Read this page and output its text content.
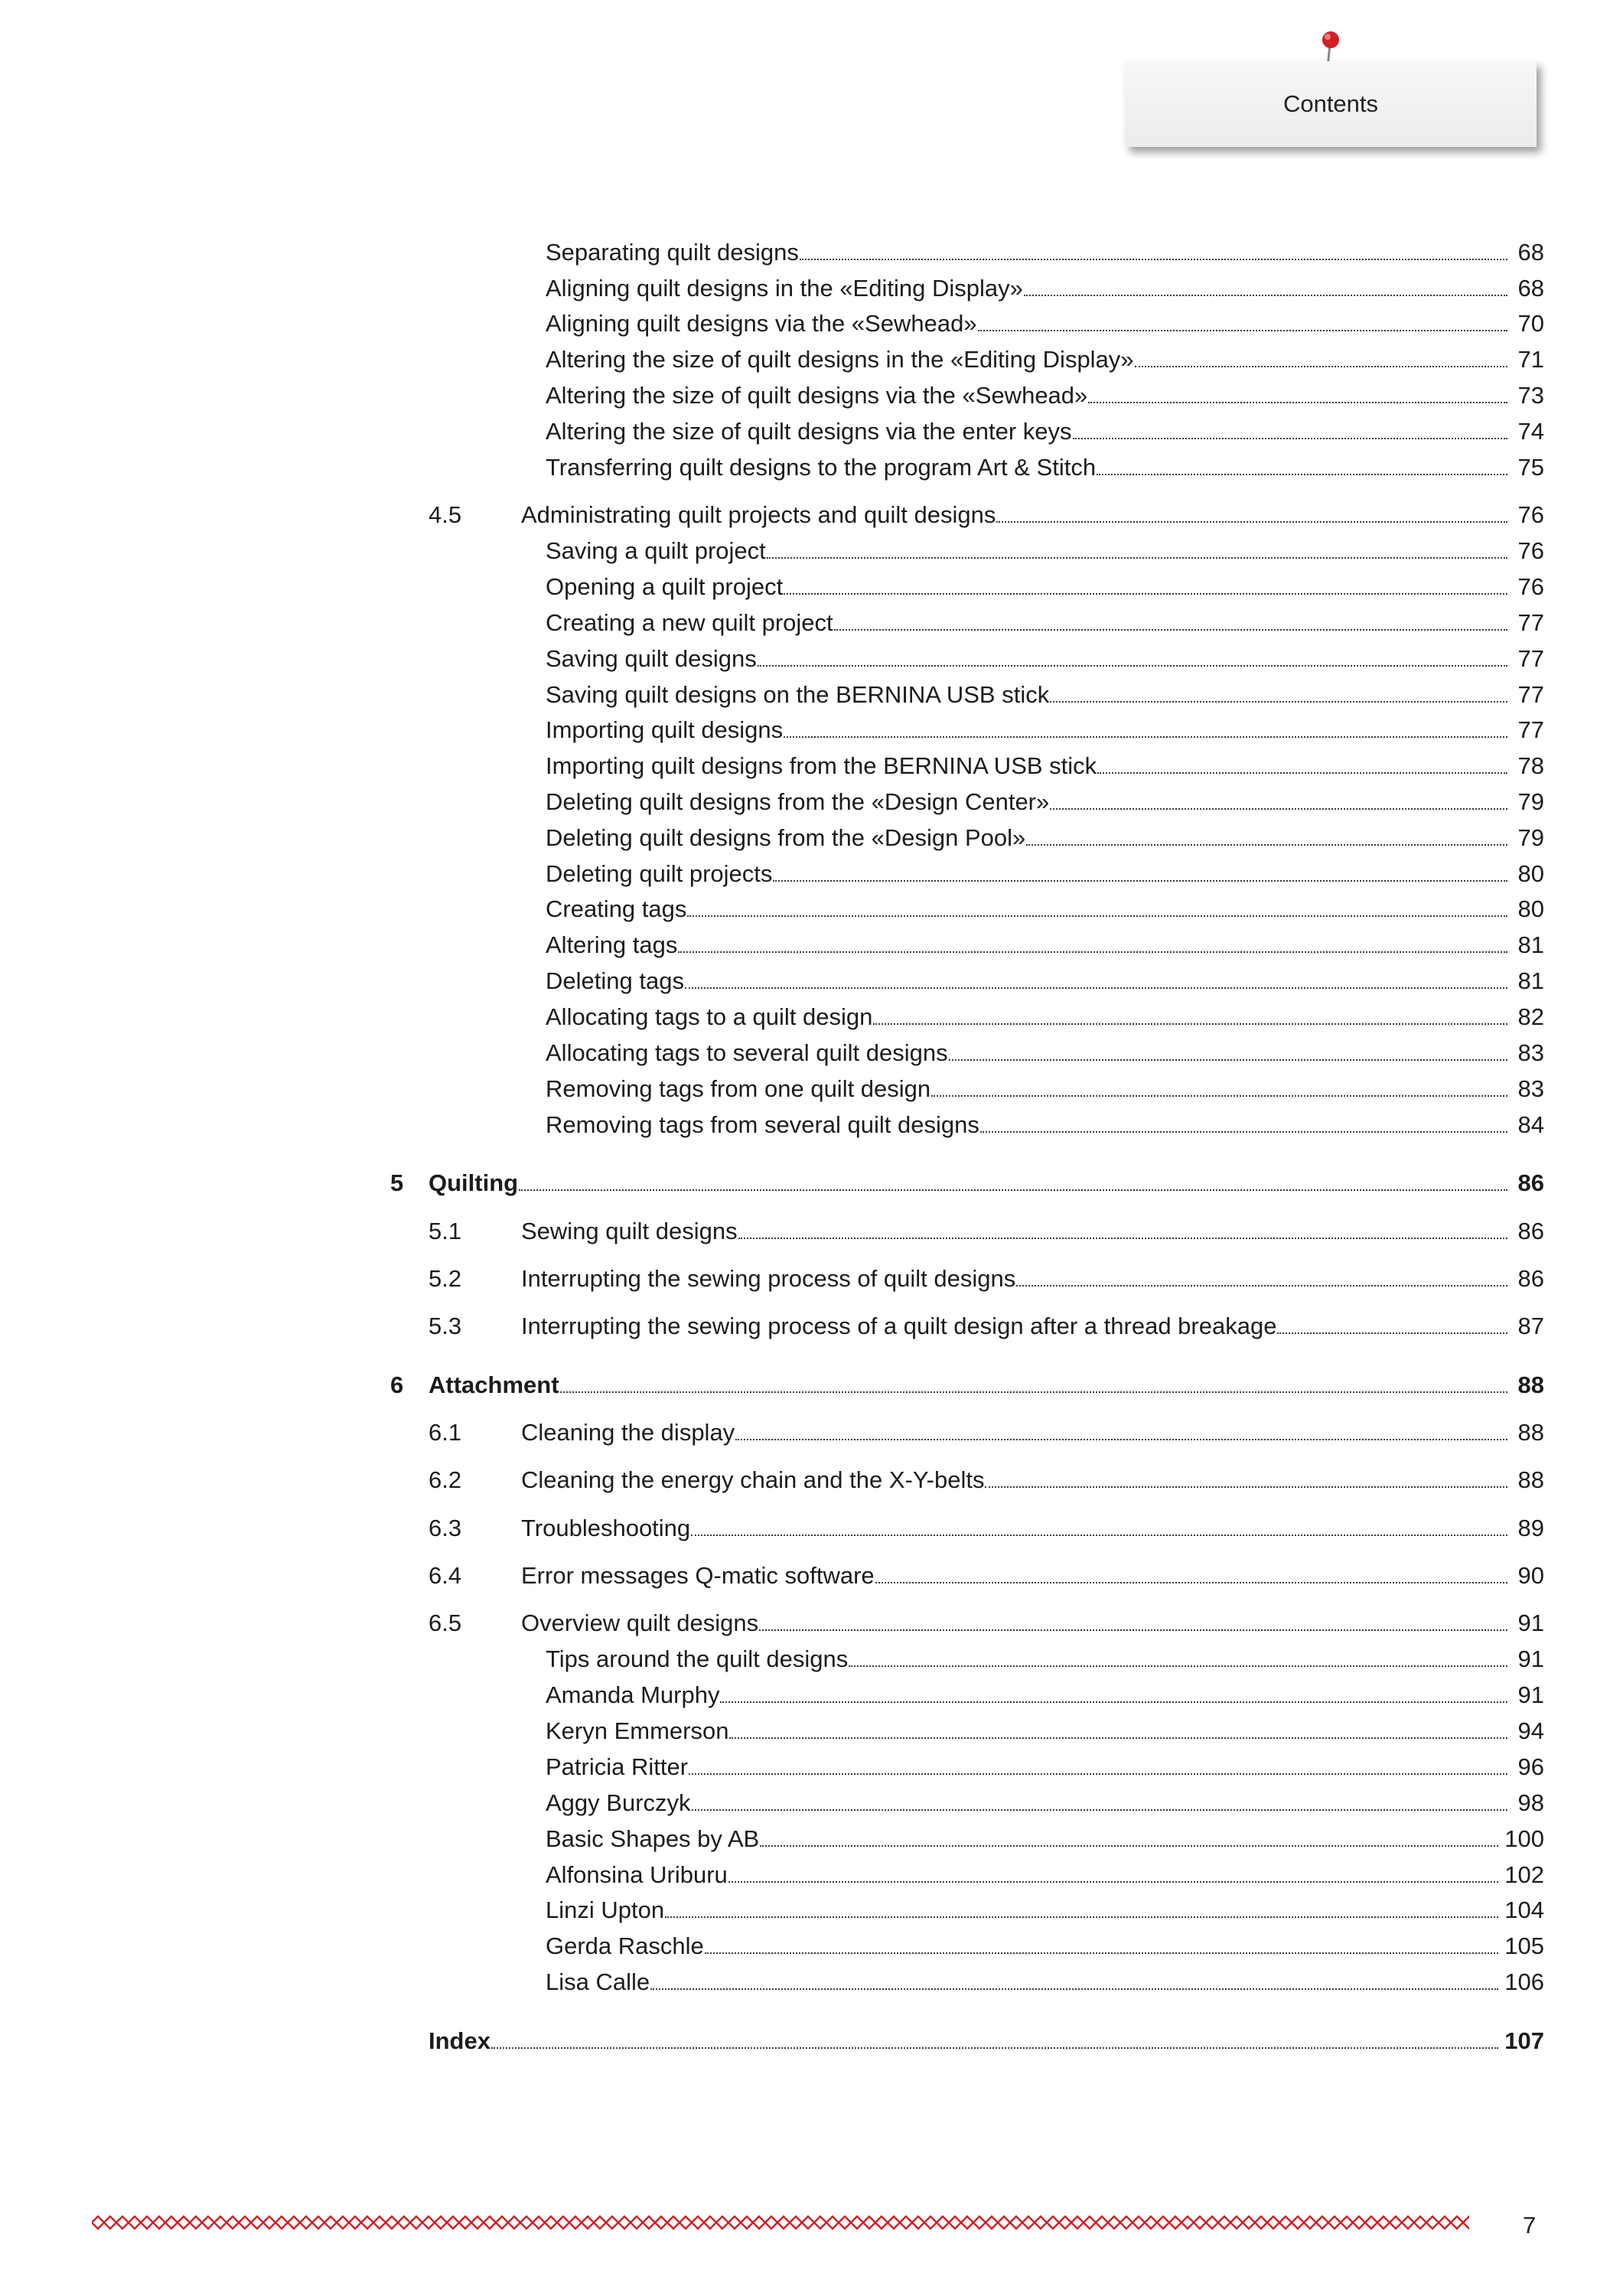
Contents
Separating quilt designs	68
Aligning quilt designs in the «Editing Display»	68
Aligning quilt designs via the «Sewhead»	70
Altering the size of quilt designs in the «Editing Display»	71
Altering the size of quilt designs via the «Sewhead»	73
Altering the size of quilt designs via the enter keys	74
Transferring quilt designs to the program Art & Stitch	75
4.5	Administrating quilt projects and quilt designs	76
Saving a quilt project	76
Opening a quilt project	76
Creating a new quilt project	77
Saving quilt designs	77
Saving quilt designs on the BERNINA USB stick	77
Importing quilt designs	77
Importing quilt designs from the BERNINA USB stick	78
Deleting quilt designs from the «Design Center»	79
Deleting quilt designs from the «Design Pool»	79
Deleting quilt projects	80
Creating tags	80
Altering tags	81
Deleting tags	81
Allocating tags to a quilt design	82
Allocating tags to several quilt designs	83
Removing tags from one quilt design	83
Removing tags from several quilt designs	84
5 Quilting	86
5.1	Sewing quilt designs	86
5.2	Interrupting the sewing process of quilt designs	86
5.3	Interrupting the sewing process of a quilt design after a thread breakage	87
6 Attachment	88
6.1	Cleaning the display	88
6.2	Cleaning the energy chain and the X-Y-belts	88
6.3	Troubleshooting	89
6.4	Error messages Q-matic software	90
6.5	Overview quilt designs	91
Tips around the quilt designs	91
Amanda Murphy	91
Keryn Emmerson	94
Patricia Ritter	96
Aggy Burczyk	98
Basic Shapes by AB	100
Alfonsina Uriburu	102
Linzi Upton	104
Gerda Raschle	105
Lisa Calle	106
Index	107
7
